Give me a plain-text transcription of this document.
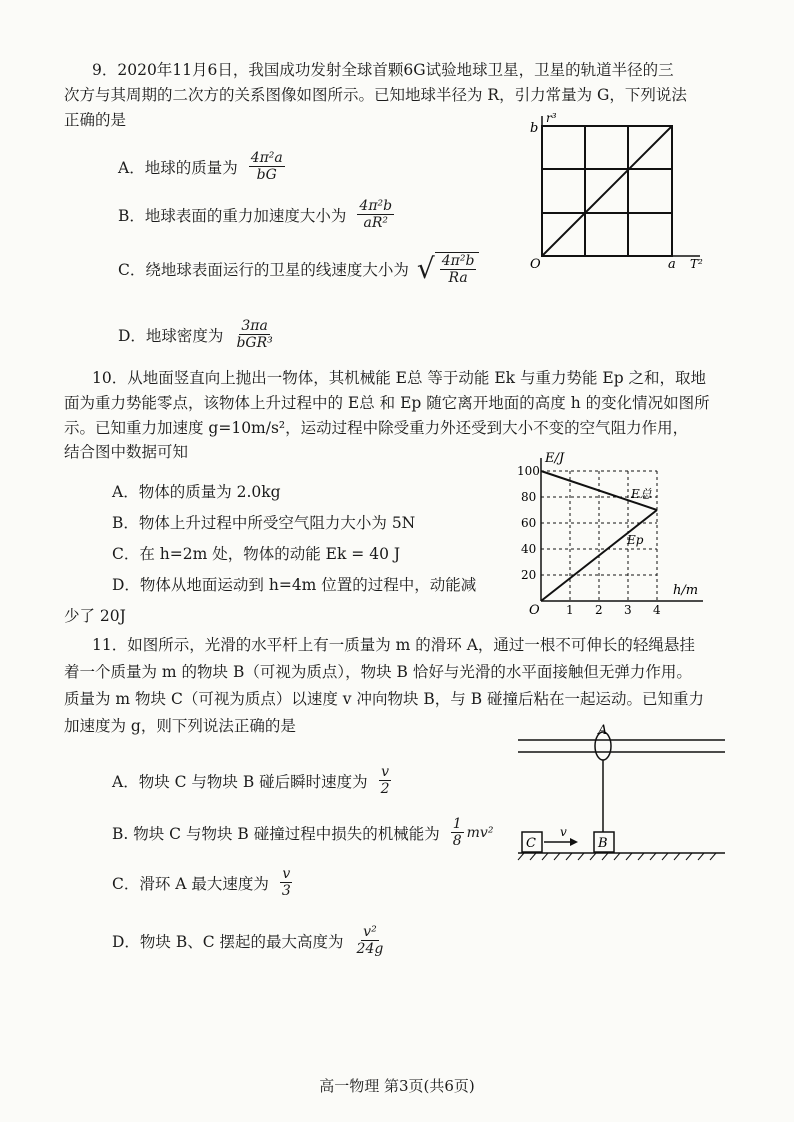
9．2020年11月6日，我国成功发射全球首颗6G试验地球卫星，卫星的轨道半径的三
次方与其周期的二次方的关系图像如图所示。已知地球半径为 R，引力常量为 G，下列说法
正确的是
A．地球的质量为 $\frac{\text{4π²a}}{bG}$
B．地球表面的重力加速度大小为 $\frac{\text{4π²b}}{\text{aR²}}$
C．绕地球表面运行的卫星的线速度大小为 √ $\frac{\text{4π²b}}{Ra}$
D．地球密度为 $\frac{3\pi a}{\text{bGR³}}$
r³
b
O	a T²
10．从地面竖直向上抛出一物体，其机械能 E总 等于动能 Ek 与重力势能 Ep 之和，取地
面为重力势能零点，该物体上升过程中的 E总 和 Ep 随它离开地面的高度 h 的变化情况如图所
示。已知重力加速度 g=10m/s²，运动过程中除受重力外还受到大小不变的空气阻力作用，
结合图中数据可知
A．物体的质量为 2.0kg
B．物体上升过程中所受空气阻力大小为 5N
C．在 h=2m 处，物体的动能 Ek = 40 J
D．物体从地面运动到 h=4m 位置的过程中，动能减
少了 20J
E/J
h/m
O
100
80
60
40
20
1 2 3 4
E总
Ep
11．如图所示，光滑的水平杆上有一质量为 m 的滑环 A，通过一根不可伸长的轻绳悬挂
着一个质量为 m 的物块 B（可视为质点），物块 B 恰好与光滑的水平面接触但无弹力作用。
质量为 m 物块 C（可视为质点）以速度 v 冲向物块 B，与 B 碰撞后粘在一起运动。已知重力
加速度为 g，则下列说法正确的是
A．物块 C 与物块 B 碰后瞬时速度为 $\frac{v}{2}$
B. 物块 C 与物块 B 碰撞过程中损失的机械能为 $\frac{1}{8} mv^2$
C．滑环 A 最大速度为 $\frac{v}{3}$
D．物块 B、C 摆起的最大高度为 $\frac{\text{v²}}{24g}$
A
B
C
v
高一物理 第3页(共6页)
